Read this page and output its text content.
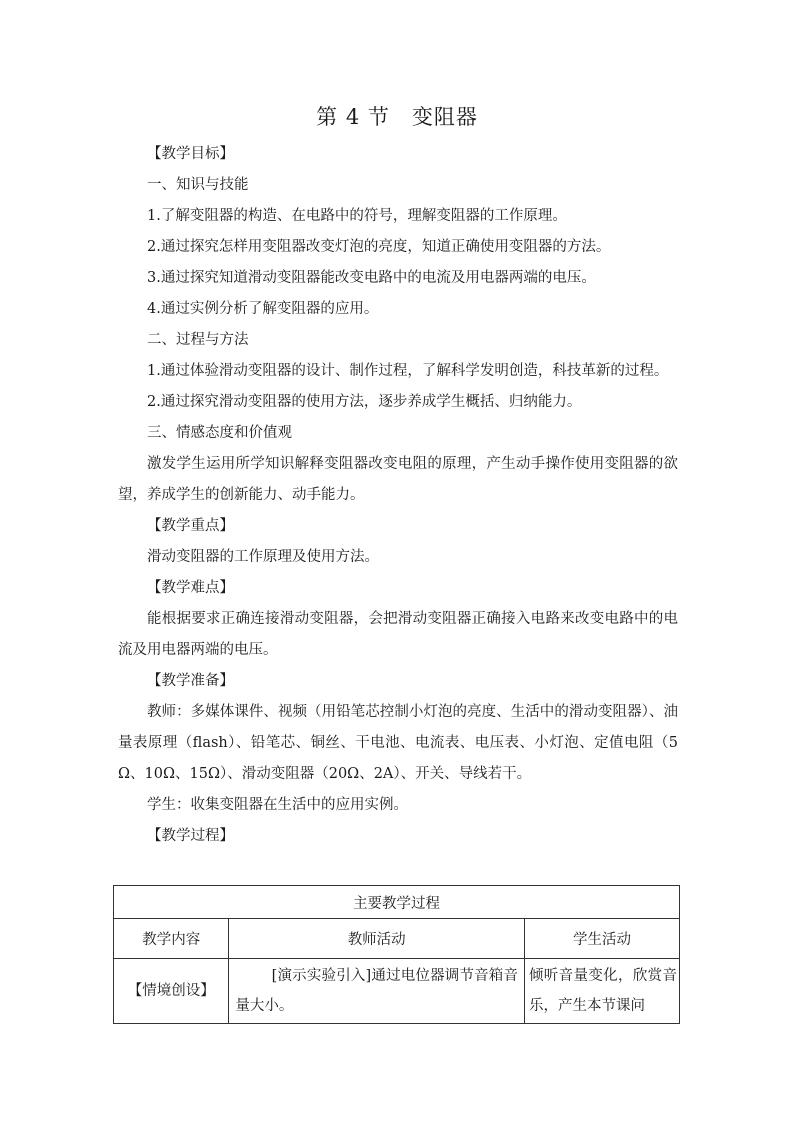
第 4 节　变阻器

【教学目标】

一、知识与技能

1.了解变阻器的构造、在电路中的符号，理解变阻器的工作原理。

2.通过探究怎样用变阻器改变灯泡的亮度，知道正确使用变阻器的方法。

3.通过探究知道滑动变阻器能改变电路中的电流及用电器两端的电压。

4.通过实例分析了解变阻器的应用。

二、过程与方法

1.通过体验滑动变阻器的设计、制作过程，了解科学发明创造，科技革新的过程。

2.通过探究滑动变阻器的使用方法，逐步养成学生概括、归纳能力。

三、情感态度和价值观

激发学生运用所学知识解释变阻器改变电阻的原理，产生动手操作使用变阻器的欲望，养成学生的创新能力、动手能力。

【教学重点】

滑动变阻器的工作原理及使用方法。

【教学难点】

能根据要求正确连接滑动变阻器，会把滑动变阻器正确接入电路来改变电路中的电流及用电器两端的电压。

【教学准备】

教师：多媒体课件、视频（用铅笔芯控制小灯泡的亮度、生活中的滑动变阻器）、油量表原理（flash）、铅笔芯、铜丝、干电池、电流表、电压表、小灯泡、定值电阻（5Ω、10Ω、15Ω）、滑动变阻器（20Ω、2A）、开关、导线若干。

学生：收集变阻器在生活中的应用实例。

【教学过程】

主要教学过程		
教学内容	教师活动	学生活动
【情境创设】	[演示实验引入]通过电位器调节音箱音量大小。	倾听音量变化，欣赏音乐，产生本节课问
